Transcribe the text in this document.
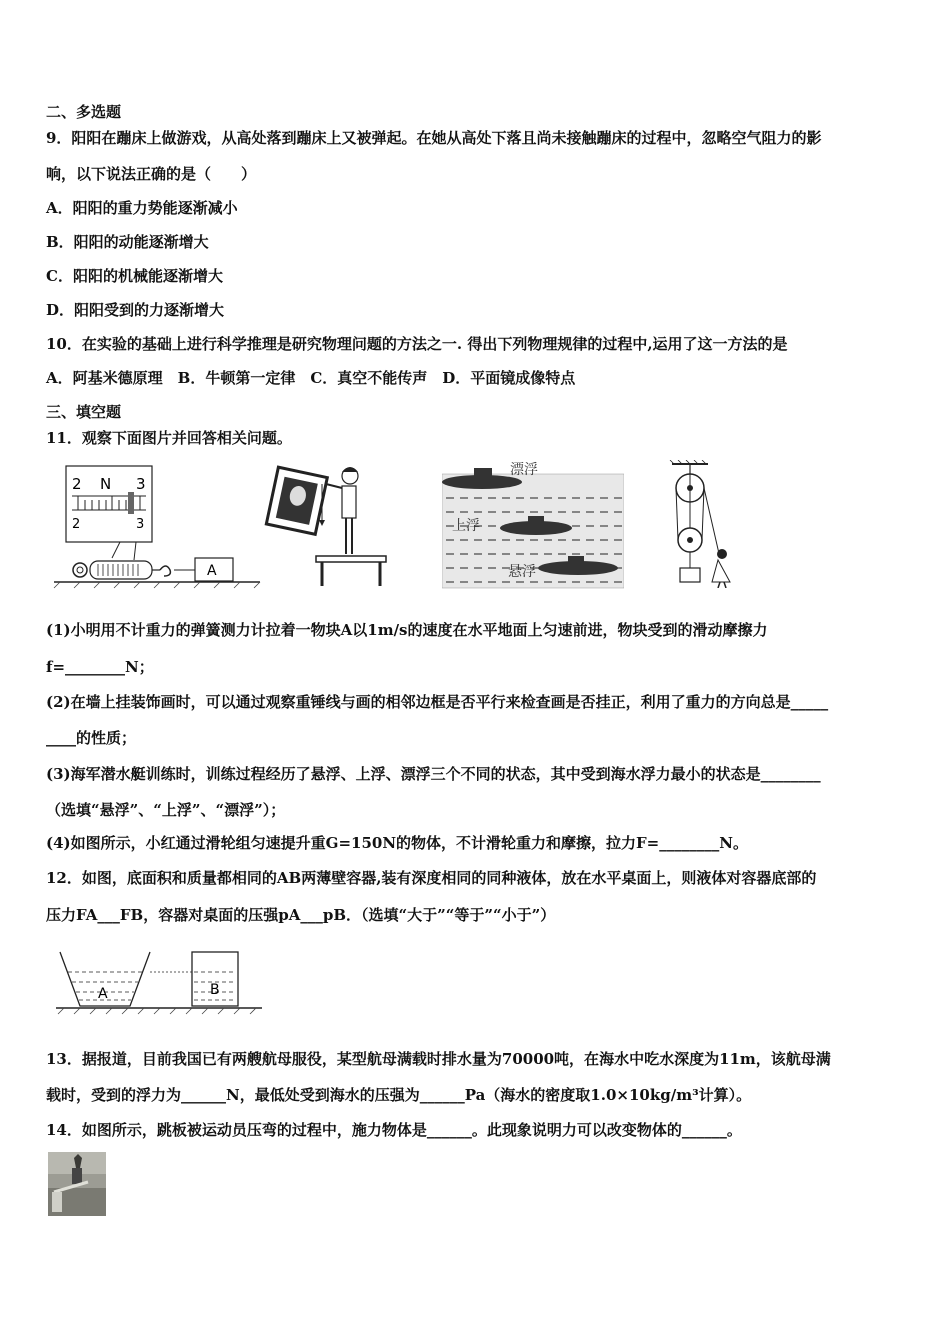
二、多选题
9．阳阳在蹦床上做游戏，从高处落到蹦床上又被弹起。在她从高处下落且尚未接触蹦床的过程中，忽略空气阻力的影
响，以下说法正确的是（　　）
A．阳阳的重力势能逐渐减小
B．阳阳的动能逐渐增大
C．阳阳的机械能逐渐增大
D．阳阳受到的力逐渐增大
10．在实验的基础上进行科学推理是研究物理问题的方法之一. 得出下列物理规律的过程中,运用了这一方法的是
A．阿基米德原理　B．牛顿第一定律　C．真空不能传声　D．平面镜成像特点
三、填空题
11．观察下面图片并回答相关问题。
2 N 3
2	3
A
漂浮
上浮
悬浮
(1)小明用不计重力的弹簧测力计拉着一物块A以1m/s的速度在水平地面上匀速前进，物块受到的滑动摩擦力
f=________N；
(2)在墙上挂装饰画时，可以通过观察重锤线与画的相邻边框是否平行来检查画是否挂正，利用了重力的方向总是_____
____的性质；
(3)海军潜水艇训练时，训练过程经历了悬浮、上浮、漂浮三个不同的状态，其中受到海水浮力最小的状态是________
（选填“悬浮”、“上浮”、“漂浮”）；
(4)如图所示，小红通过滑轮组匀速提升重G=150N的物体，不计滑轮重力和摩擦，拉力F=________N。
12．如图，底面积和质量都相同的AB两薄壁容器,装有深度相同的同种液体，放在水平桌面上，则液体对容器底部的
压力FA___FB，容器对桌面的压强pA___pB．（选填“大于”“等于”“小于”）
A	B
13．据报道，目前我国已有两艘航母服役，某型航母满载时排水量为70000吨，在海水中吃水深度为11m，该航母满
载时，受到的浮力为______N，最低处受到海水的压强为______Pa（海水的密度取1.0×10kg/m³计算）。
14．如图所示，跳板被运动员压弯的过程中，施力物体是______。此现象说明力可以改变物体的______。
